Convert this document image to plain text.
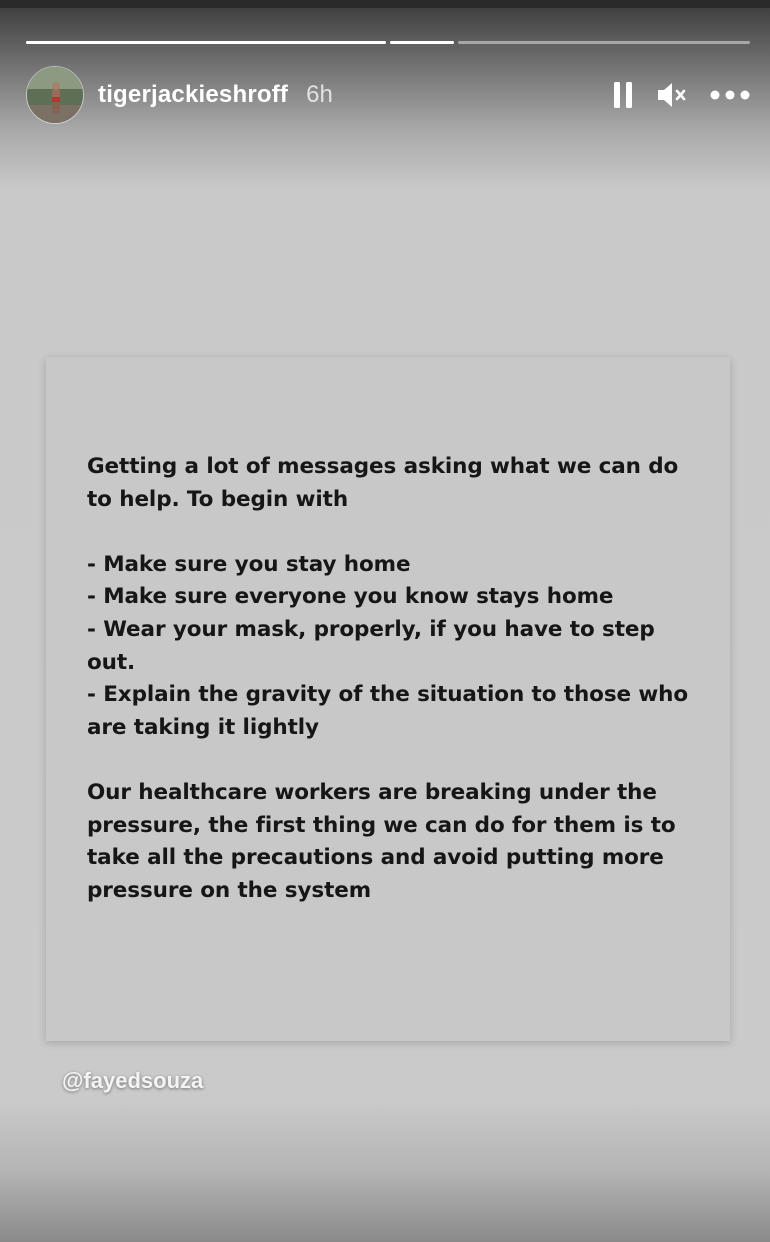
tigerjackieshroff 6h

Getting a lot of messages asking what we can do to help. To begin with

- Make sure you stay home

- Make sure everyone you know stays home

- Wear your mask, properly, if you have to step out.

- Explain the gravity of the situation to those who are taking it lightly

Our healthcare workers are breaking under the pressure, the first thing we can do for them is to take all the precautions and avoid putting more pressure on the system

@fayedsouza
